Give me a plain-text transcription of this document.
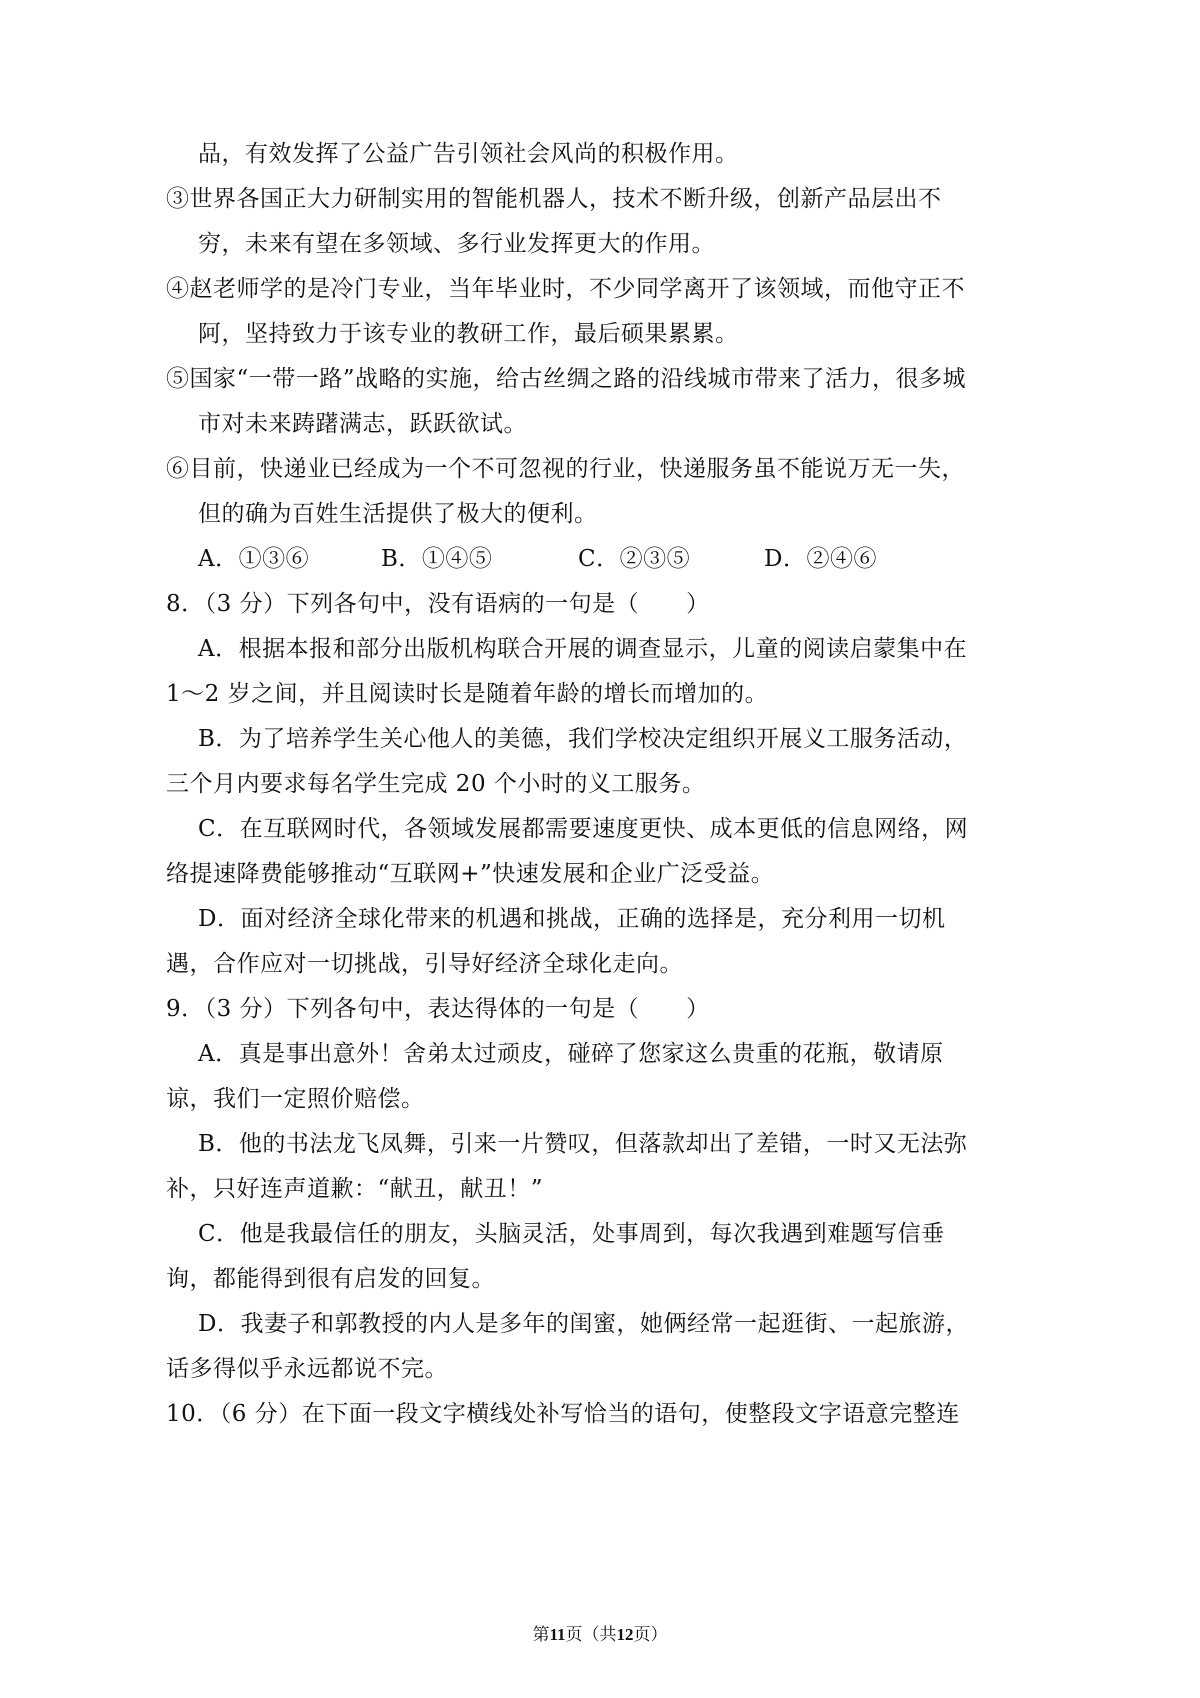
品，有效发挥了公益广告引领社会风尚的积极作用。
③世界各国正大力研制实用的智能机器人，技术不断升级，创新产品层出不
穷，未来有望在多领域、多行业发挥更大的作用。
④赵老师学的是冷门专业，当年毕业时，不少同学离开了该领域，而他守正不
阿，坚持致力于该专业的教研工作，最后硕果累累。
⑤国家“一带一路”战略的实施，给古丝绸之路的沿线城市带来了活力，很多城
市对未来踌躇满志，跃跃欲试。
⑥目前，快递业已经成为一个不可忽视的行业，快递服务虽不能说万无一失，
但的确为百姓生活提供了极大的便利。
A．①③⑥	B．①④⑤	C．②③⑤	D．②④⑥
8．（3 分）下列各句中，没有语病的一句是（　　）
A．根据本报和部分出版机构联合开展的调查显示，儿童的阅读启蒙集中在
1～2 岁之间，并且阅读时长是随着年龄的增长而增加的。
B．为了培养学生关心他人的美德，我们学校决定组织开展义工服务活动，
三个月内要求每名学生完成 20 个小时的义工服务。
C．在互联网时代，各领域发展都需要速度更快、成本更低的信息网络，网
络提速降费能够推动“互联网+”快速发展和企业广泛受益。
D．面对经济全球化带来的机遇和挑战，正确的选择是，充分利用一切机
遇，合作应对一切挑战，引导好经济全球化走向。
9．（3 分）下列各句中，表达得体的一句是（　　）
A．真是事出意外！舍弟太过顽皮，碰碎了您家这么贵重的花瓶，敬请原
谅，我们一定照价赔偿。
B．他的书法龙飞凤舞，引来一片赞叹，但落款却出了差错，一时又无法弥
补，只好连声道歉：“献丑，献丑！”
C．他是我最信任的朋友，头脑灵活，处事周到，每次我遇到难题写信垂
询，都能得到很有启发的回复。
D．我妻子和郭教授的内人是多年的闺蜜，她俩经常一起逛街、一起旅游，
话多得似乎永远都说不完。
10．（6 分）在下面一段文字横线处补写恰当的语句，使整段文字语意完整连
第11页（共12页）
